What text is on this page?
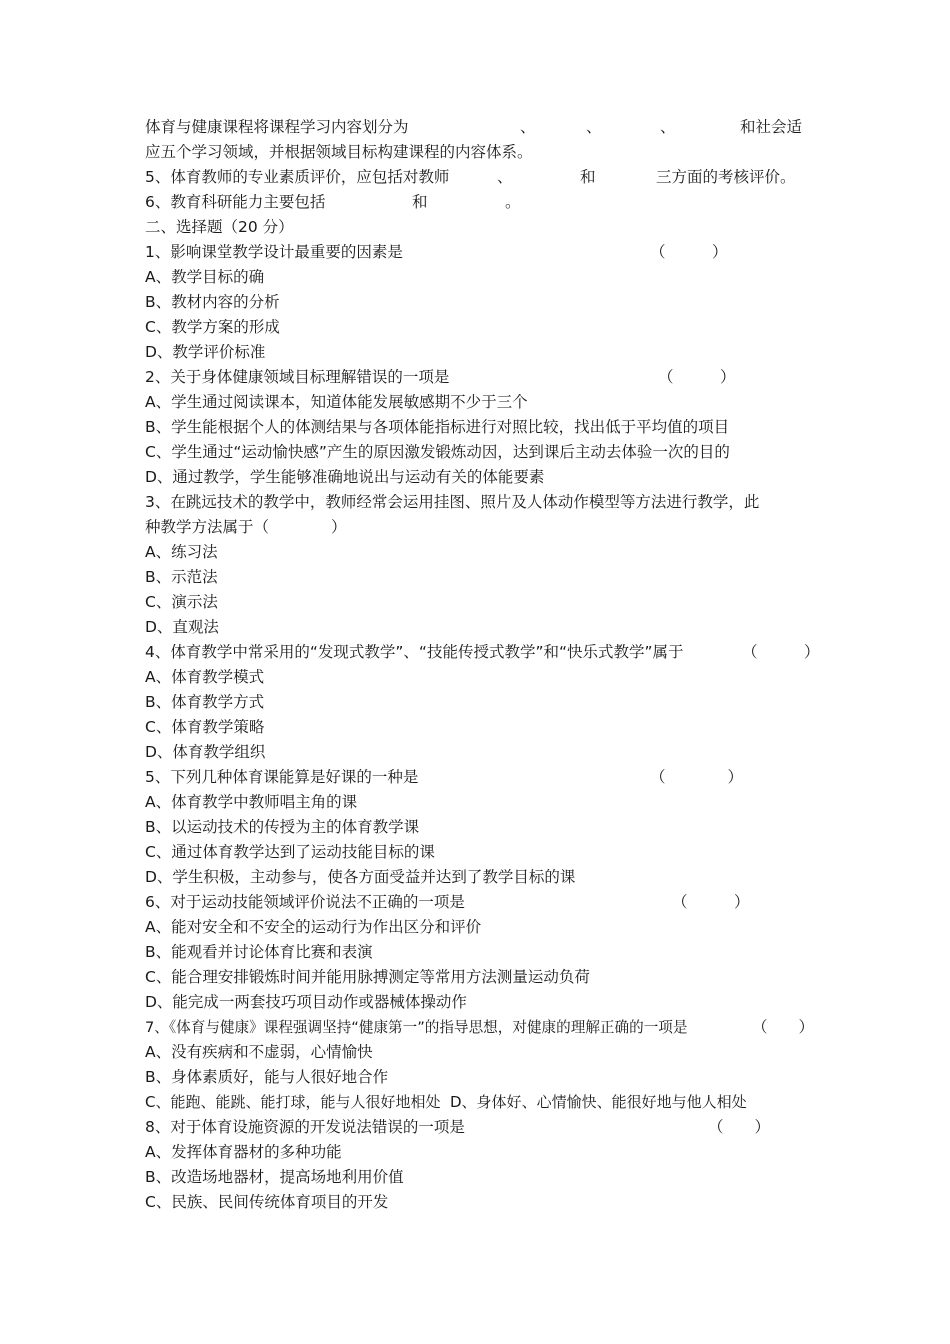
体育与健康课程将课程学习内容划分为	、	、	、	和社会适
应五个学习领域，并根据领域目标构建课程的内容体系。
5、体育教师的专业素质评价，应包括对教师	、	和	三方面的考核评价。
6、教育科研能力主要包括	和	。
二、选择题（20 分）
1、影响课堂教学设计最重要的因素是	（　　　）
A、教学目标的确
B、教材内容的分析
C、教学方案的形成
D、教学评价标准
2、关于身体健康领域目标理解错误的一项是	（　　　）
A、学生通过阅读课本，知道体能发展敏感期不少于三个
B、学生能根据个人的体测结果与各项体能指标进行对照比较，找出低于平均值的项目
C、学生通过“运动愉快感”产生的原因激发锻炼动因，达到课后主动去体验一次的目的
D、通过教学，学生能够准确地说出与运动有关的体能要素
3、在跳远技术的教学中，教师经常会运用挂图、照片及人体动作模型等方法进行教学，此
种教学方法属于（　　　　）
A、练习法
B、示范法
C、演示法
D、直观法
4、体育教学中常采用的“发现式教学”、“技能传授式教学”和“快乐式教学”属于	（　　　）
A、体育教学模式
B、体育教学方式
C、体育教学策略
D、体育教学组织
5、下列几种体育课能算是好课的一种是	（　　　　）
A、体育教学中教师唱主角的课
B、以运动技术的传授为主的体育教学课
C、通过体育教学达到了运动技能目标的课
D、学生积极，主动参与，使各方面受益并达到了教学目标的课
6、对于运动技能领域评价说法不正确的一项是	（　　　）
A、能对安全和不安全的运动行为作出区分和评价
B、能观看并讨论体育比赛和表演
C、能合理安排锻炼时间并能用脉搏测定等常用方法测量运动负荷
D、能完成一两套技巧项目动作或器械体操动作
7、《体育与健康》课程强调坚持“健康第一”的指导思想，对健康的理解正确的一项是	（　　）
A、没有疾病和不虚弱，心情愉快
B、身体素质好，能与人很好地合作
C、能跑、能跳、能打球，能与人很好地相处  D、身体好、心情愉快、能很好地与他人相处
8、对于体育设施资源的开发说法错误的一项是	（　　）
A、发挥体育器材的多种功能
B、改造场地器材，提高场地利用价值
C、民族、民间传统体育项目的开发
